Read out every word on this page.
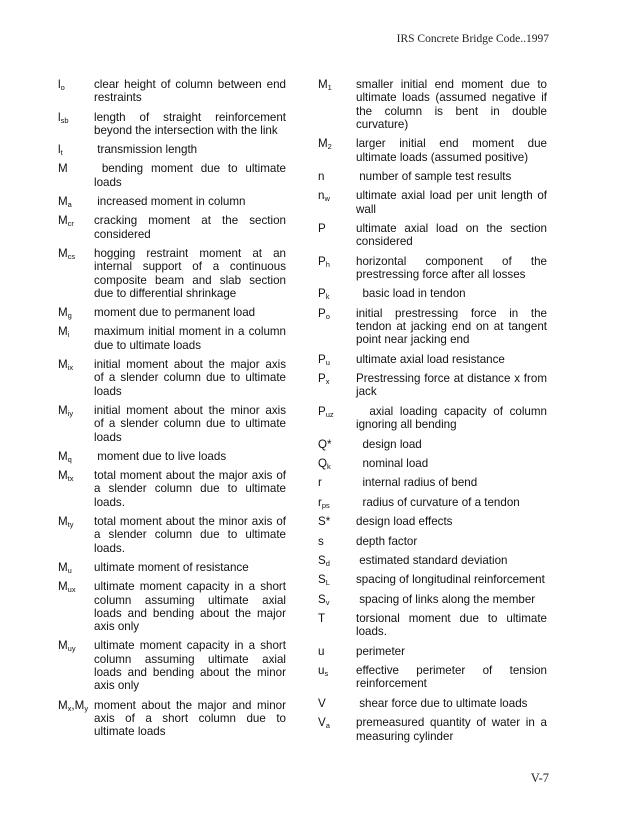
IRS Concrete Bridge Code..1997
$l_o$	clear height of column between end restraints
$l_{sb}$	length of straight reinforcement beyond the intersection with the link
$l_t$	transmission length
M	bending moment due to ultimate loads
$M_a$	increased moment in column
$M_{cr}$	cracking moment at the section considered
$M_{cs}$	hogging restraint moment at an internal support of a continuous composite beam and slab section due to differential shrinkage
$M_g$	moment due to permanent load
$M_i$	maximum initial moment in a column due to ultimate loads
$M_{ix}$	initial moment about the major axis of a slender column due to ultimate loads
$M_{iy}$	initial moment about the minor axis of a slender column due to ultimate loads
$M_q$	moment due to live loads
$M_{tx}$	total moment about the major axis of a slender column due to ultimate loads.
$M_{ty}$	total moment about the minor axis of a slender column due to ultimate loads.
$M_u$	ultimate moment of resistance
$M_{ux}$	ultimate moment capacity in a short column assuming ultimate axial loads and bending about the major axis only
$M_{uy}$	ultimate moment capacity in a short column assuming ultimate axial loads and bending about the minor axis only
$M_x,M_y$ moment about the major and minor axis of a short column due to ultimate loads
$M_1$	smaller initial end moment due to ultimate loads (assumed negative if the column is bent in double curvature)
$M_2$	larger initial end moment due ultimate loads (assumed positive)
n	number of sample test results
$n_w$	ultimate axial load per unit length of wall
P	ultimate axial load on the section considered
$P_h$	horizontal component of the prestressing force after all losses
$P_k$	basic load in tendon
$P_o$	initial prestressing force in the tendon at jacking end on at tangent point near jacking end
$P_u$	ultimate axial load resistance
$P_x$	Prestressing force at distance x from jack
$P_{uz}$	axial loading capacity of column ignoring all bending
Q*	design load
$Q_k$	nominal load
r	internal radius of bend
$r_{ps}$	radius of curvature of a tendon
S*	design load effects
s	depth factor
$S_d$	estimated standard deviation
$S_L$	spacing of longitudinal reinforcement
$S_v$	spacing of links along the member
T	torsional moment due to ultimate loads.
u	perimeter
$u_s$	effective perimeter of tension reinforcement
V	shear force due to ultimate loads
$V_a$	premeasured quantity of water in a measuring cylinder
V-7
